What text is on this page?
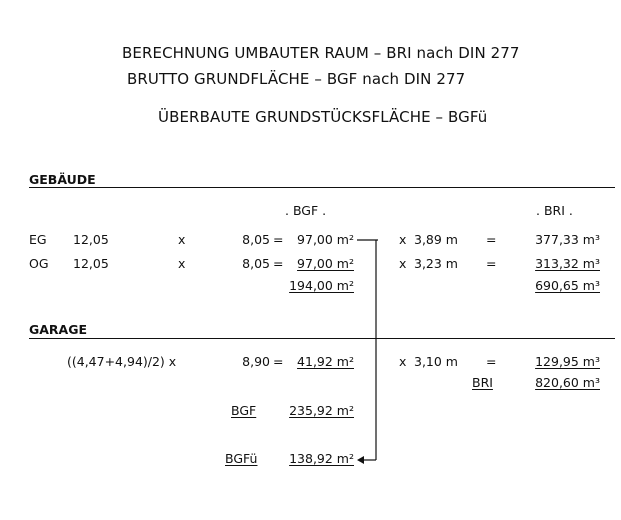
BERECHNUNG UMBAUTER RAUM – BRI nach DIN 277
BRUTTO GRUNDFLÄCHE – BGF nach DIN 277
ÜBERBAUTE GRUNDSTÜCKSFLÄCHE – BGFü
GEBÄUDE
. BGF .	. BRI .
EG 12,05	x	8,05 =	97,00 m²	x 3,89 m =	377,33 m³
OG 12,05	x	8,05 =	97,00 m²	x 3,23 m =	313,32 m³
194,00 m²	690,65 m³
GARAGE
((4,47+4,94)/2) x	8,90 =	41,92 m²	x 3,10 m =	129,95 m³
BRI	820,60 m³
BGF	235,92 m²
BGFü	138,92 m²
